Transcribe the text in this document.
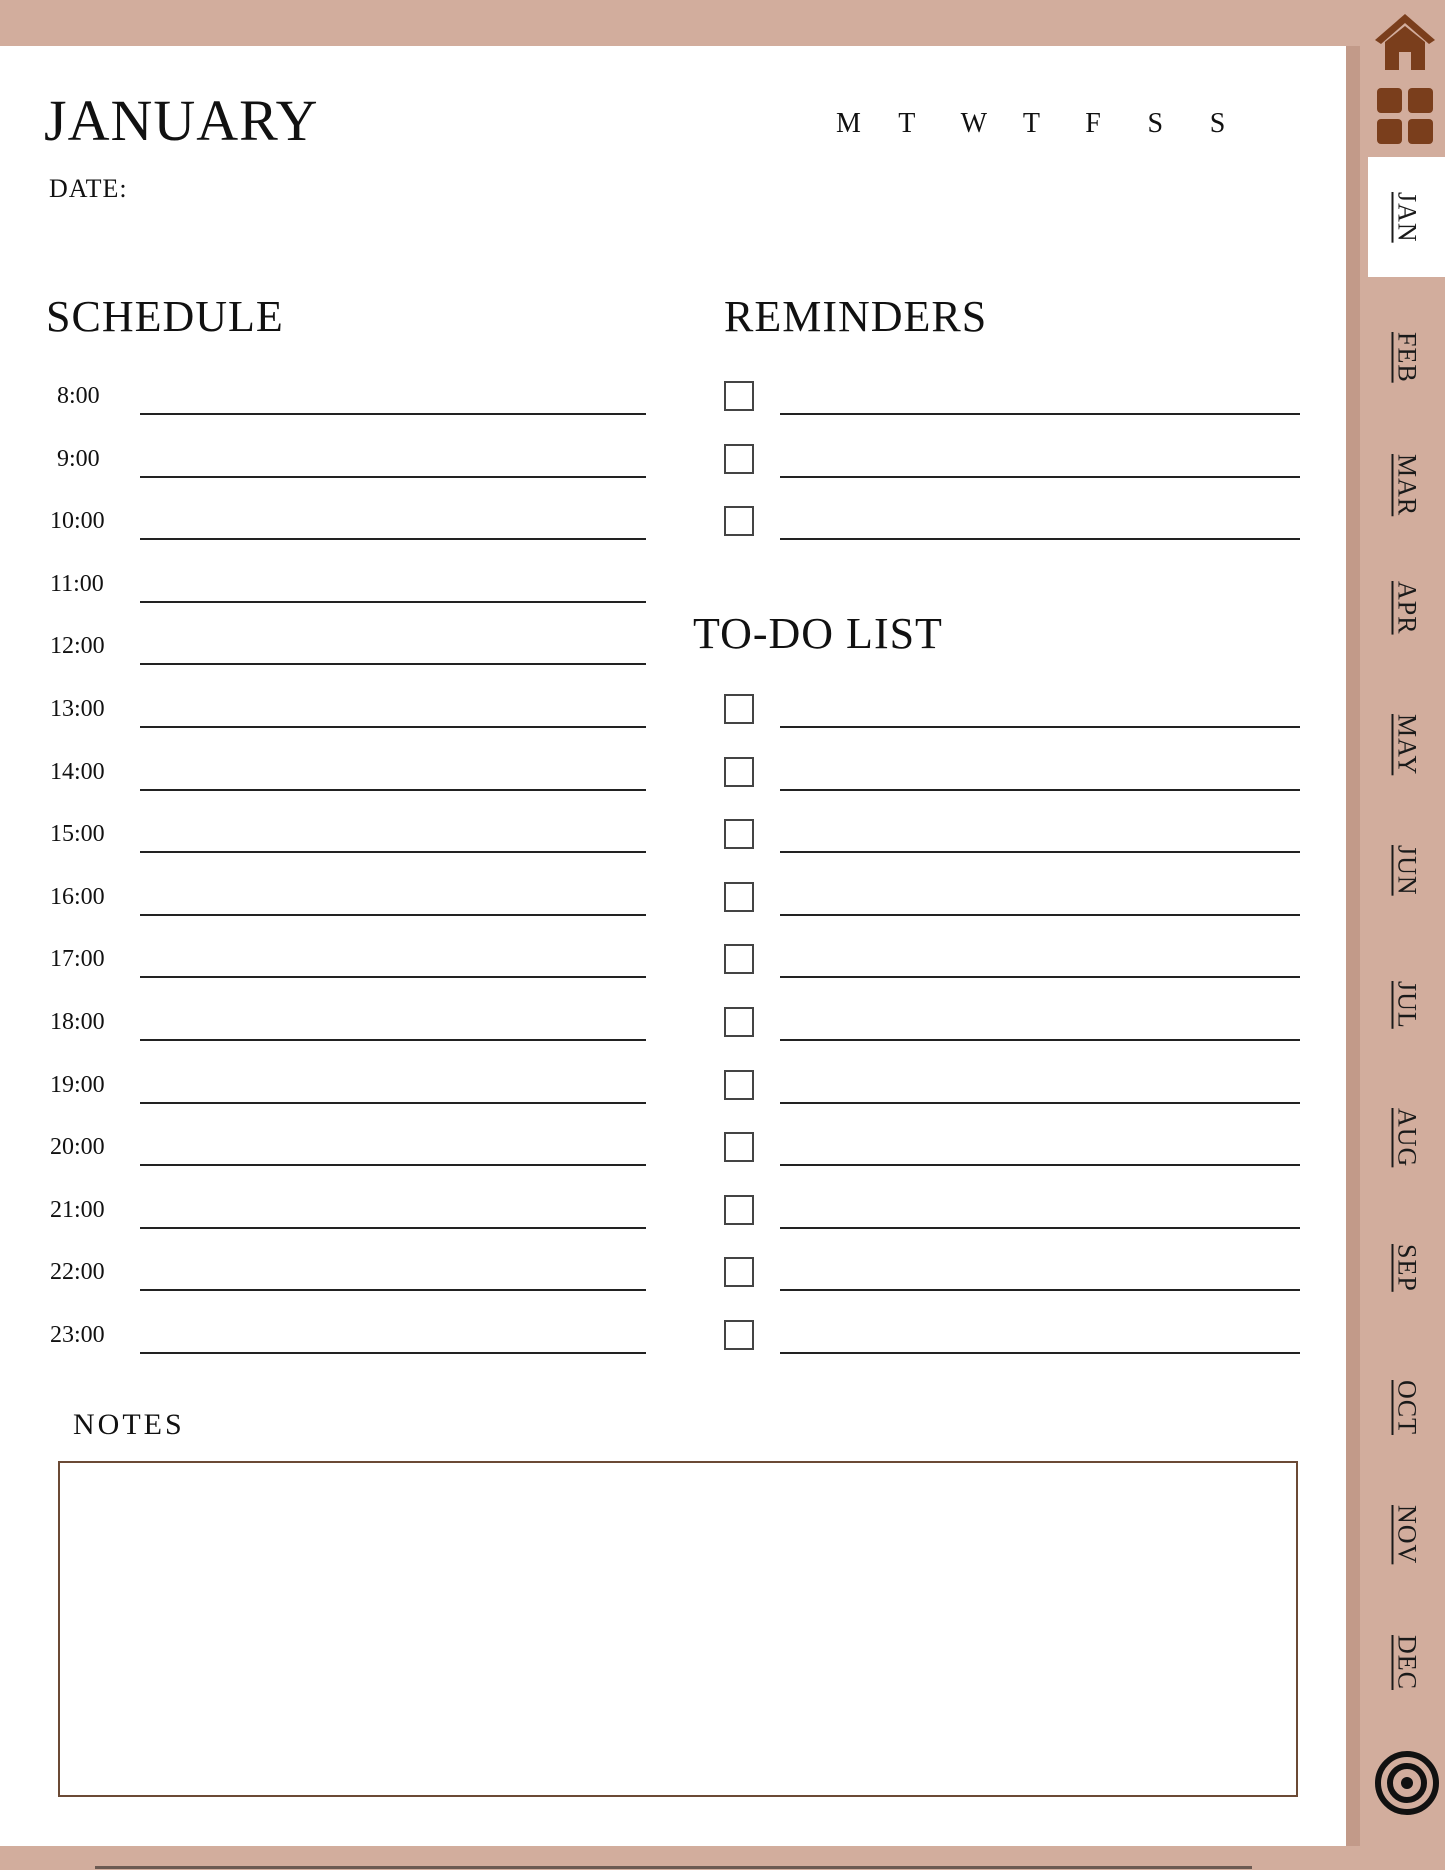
JANUARY
DATE:
M	T	W	T	F	S	S
SCHEDULE	REMINDERS
TO-DO LIST
NOTES
8:00
9:00
10:00
11:00
12:00
13:00
14:00
15:00
16:00
17:00
18:00
19:00
20:00
21:00
22:00
23:00
JAN
FEB
MAR
APR
MAY
JUN
JUL
AUG
SEP
OCT
NOV
DEC
